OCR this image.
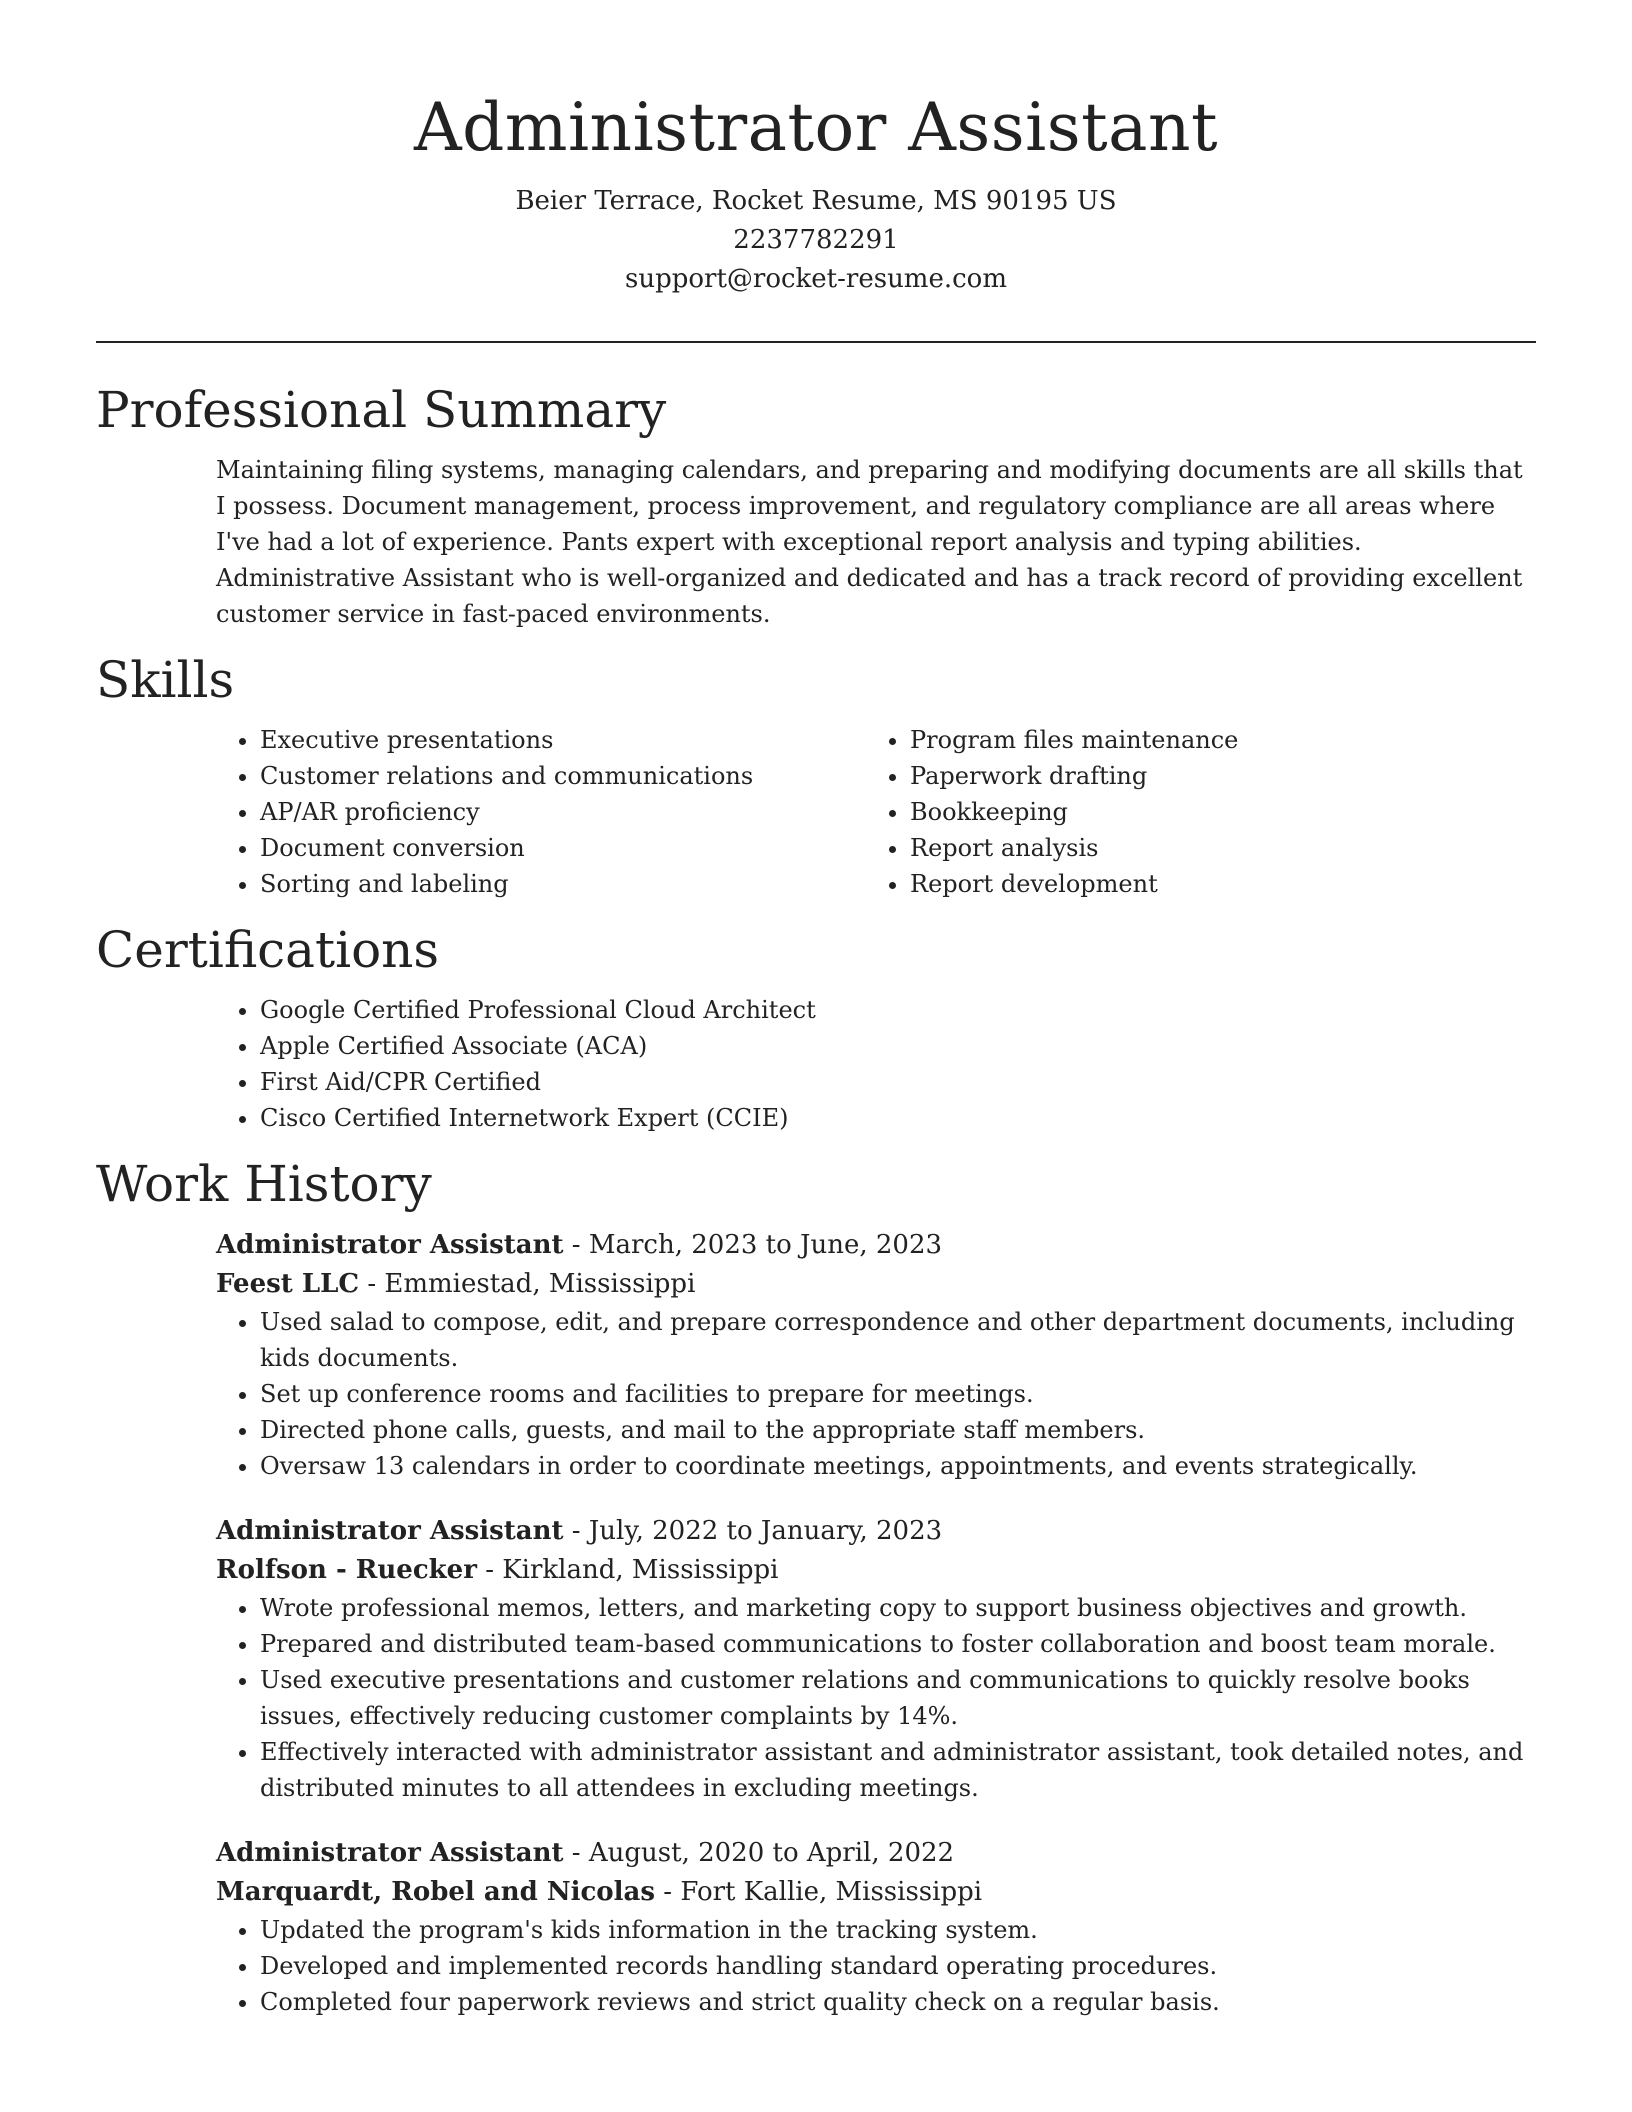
Administrator Assistant
Beier Terrace, Rocket Resume, MS 90195 US
2237782291
support@rocket-resume.com
Professional Summary

Maintaining filing systems, managing calendars, and preparing and modifying documents are all skills that I possess. Document management, process improvement, and regulatory compliance are all areas where I've had a lot of experience. Pants expert with exceptional report analysis and typing abilities. Administrative Assistant who is well-organized and dedicated and has a track record of providing excellent customer service in fast-paced environments.

Skills
• Executive presentations
• Customer relations and communications
• AP/AR proficiency
• Document conversion
• Sorting and labeling
• Program files maintenance
• Paperwork drafting
• Bookkeeping
• Report analysis
• Report development
Certifications
• Google Certified Professional Cloud Architect
• Apple Certified Associate (ACA)
• First Aid/CPR Certified
• Cisco Certified Internetwork Expert (CCIE)
Work History
Administrator Assistant - March, 2023 to June, 2023
Feest LLC - Emmiestad, Mississippi
• Used salad to compose, edit, and prepare correspondence and other department documents, including kids documents.
• Set up conference rooms and facilities to prepare for meetings.
• Directed phone calls, guests, and mail to the appropriate staff members.
• Oversaw 13 calendars in order to coordinate meetings, appointments, and events strategically.
Administrator Assistant - July, 2022 to January, 2023
Rolfson - Ruecker - Kirkland, Mississippi
• Wrote professional memos, letters, and marketing copy to support business objectives and growth.
• Prepared and distributed team-based communications to foster collaboration and boost team morale.
• Used executive presentations and customer relations and communications to quickly resolve books issues, effectively reducing customer complaints by 14%.
• Effectively interacted with administrator assistant and administrator assistant, took detailed notes, and distributed minutes to all attendees in excluding meetings.
Administrator Assistant - August, 2020 to April, 2022
Marquardt, Robel and Nicolas - Fort Kallie, Mississippi
• Updated the program's kids information in the tracking system.
• Developed and implemented records handling standard operating procedures.
• Completed four paperwork reviews and strict quality check on a regular basis.
